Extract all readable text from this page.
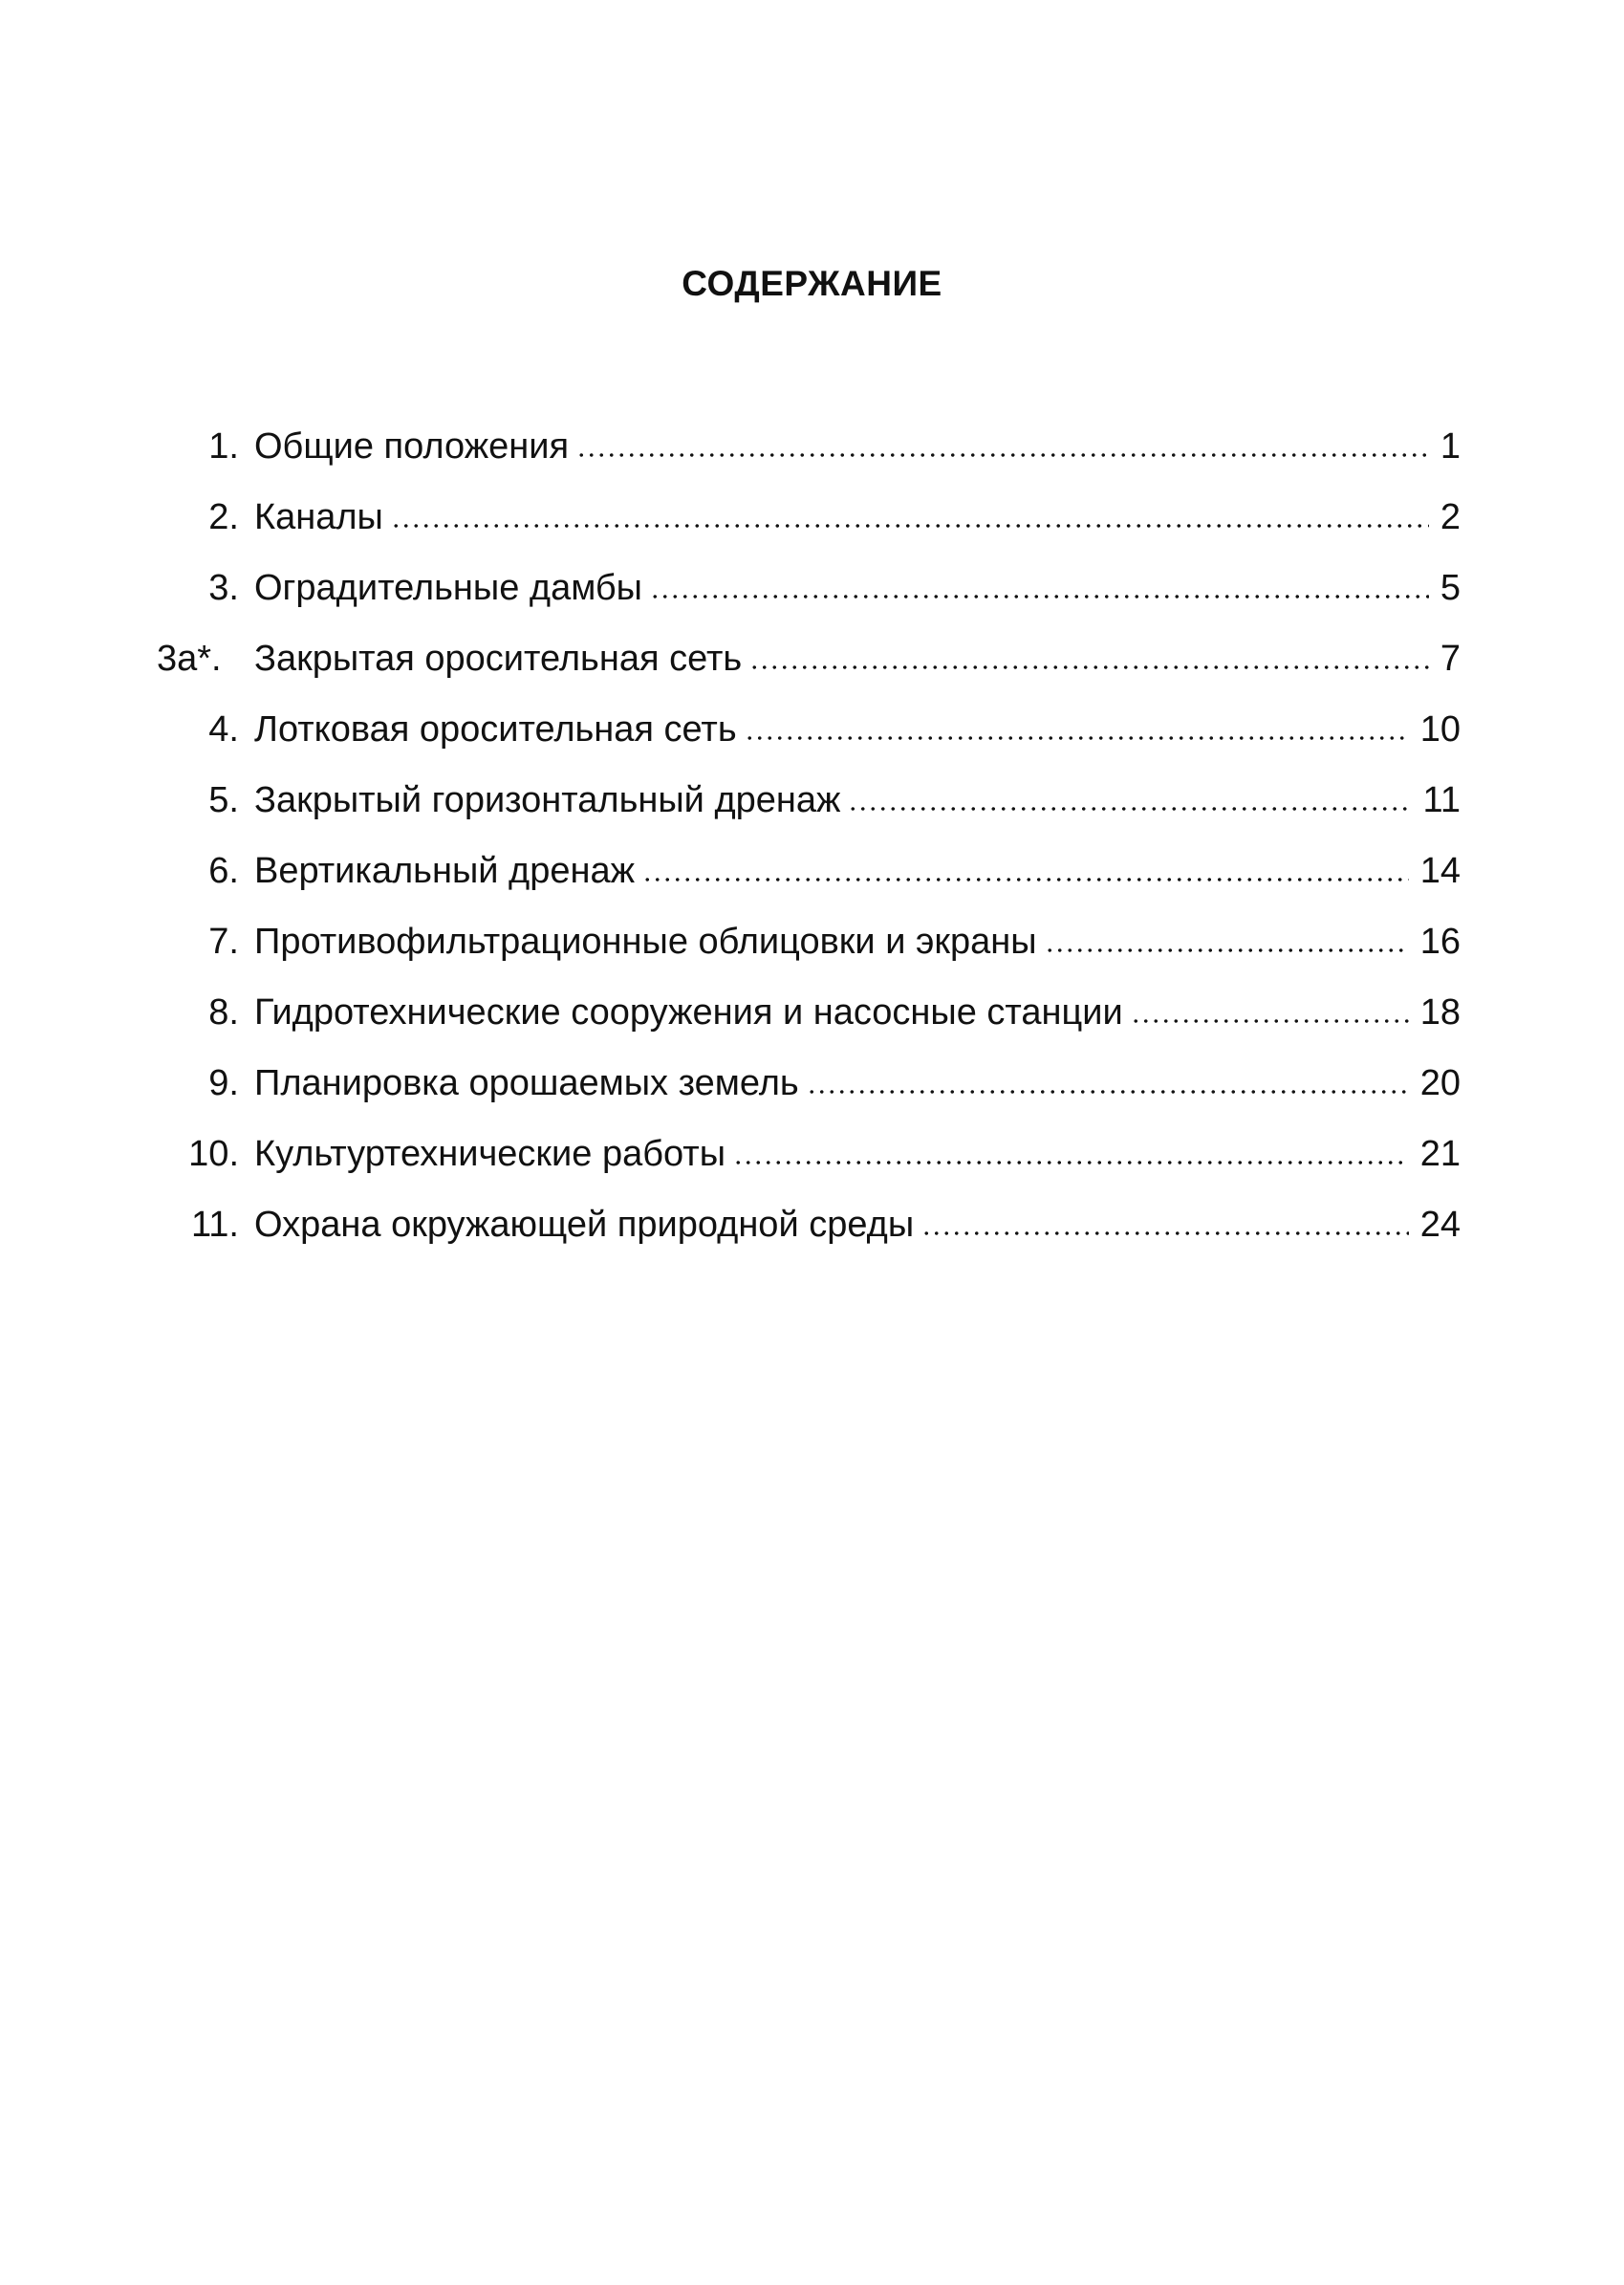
СОДЕРЖАНИЕ
1. Общие положения	1
2. Каналы	2
3. Оградительные дамбы	5
3а*. Закрытая оросительная сеть	7
4. Лотковая оросительная сеть	10
5. Закрытый горизонтальный дренаж	11
6. Вертикальный дренаж	14
7. Противофильтрационные облицовки и экраны	16
8. Гидротехнические сооружения и насосные станции	18
9. Планировка орошаемых земель	20
10. Культуртехнические работы	21
11. Охрана окружающей природной среды	24
